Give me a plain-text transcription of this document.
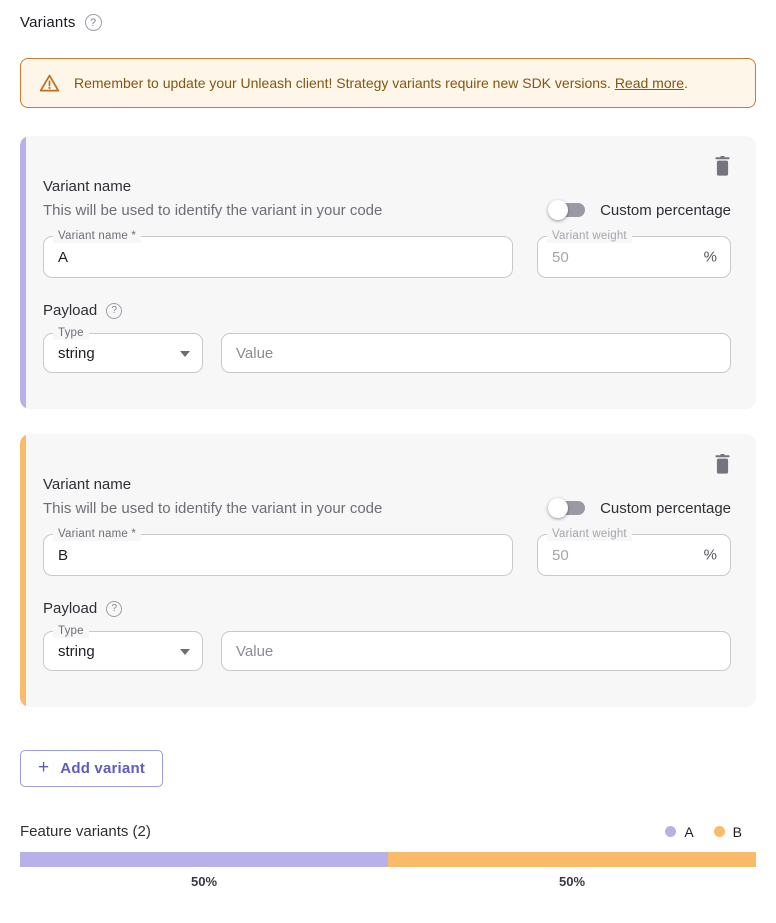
Variants	?
Remember to update your Unleash client! Strategy variants require new SDK versions. Read more.
Variant name
This will be used to identify the variant in your code	Custom percentage
Variant name *
A	Variant weight
50
%
Payload	?
Type
string
Value
Variant name
This will be used to identify the variant in your code	Custom percentage
Variant name *
B	Variant weight
50
%
Payload	?
Type
string
Value
+ Add variant
Feature variants (2)	A	B
50%	50%
